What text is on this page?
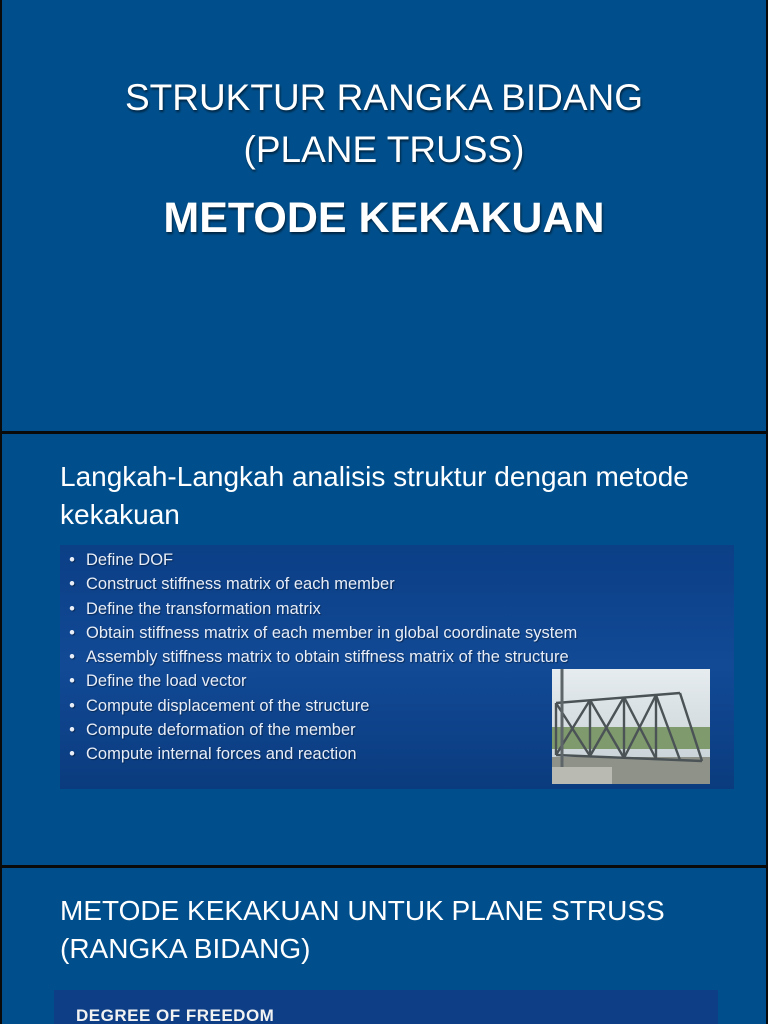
STRUKTUR RANGKA BIDANG
(PLANE TRUSS)
METODE KEKAKUAN
Langkah-Langkah analisis struktur dengan metode kekakuan
• Define DOF
• Construct stiffness matrix of each member
• Define the transformation matrix
• Obtain stiffness matrix of each member in global coordinate system
• Assembly stiffness matrix to obtain stiffness matrix of the structure
• Define the load vector
• Compute displacement of the structure
• Compute deformation of the member
• Compute internal forces and reaction
METODE KEKAKUAN UNTUK PLANE STRUSS (RANGKA BIDANG)
DEGREE OF FREEDOM
